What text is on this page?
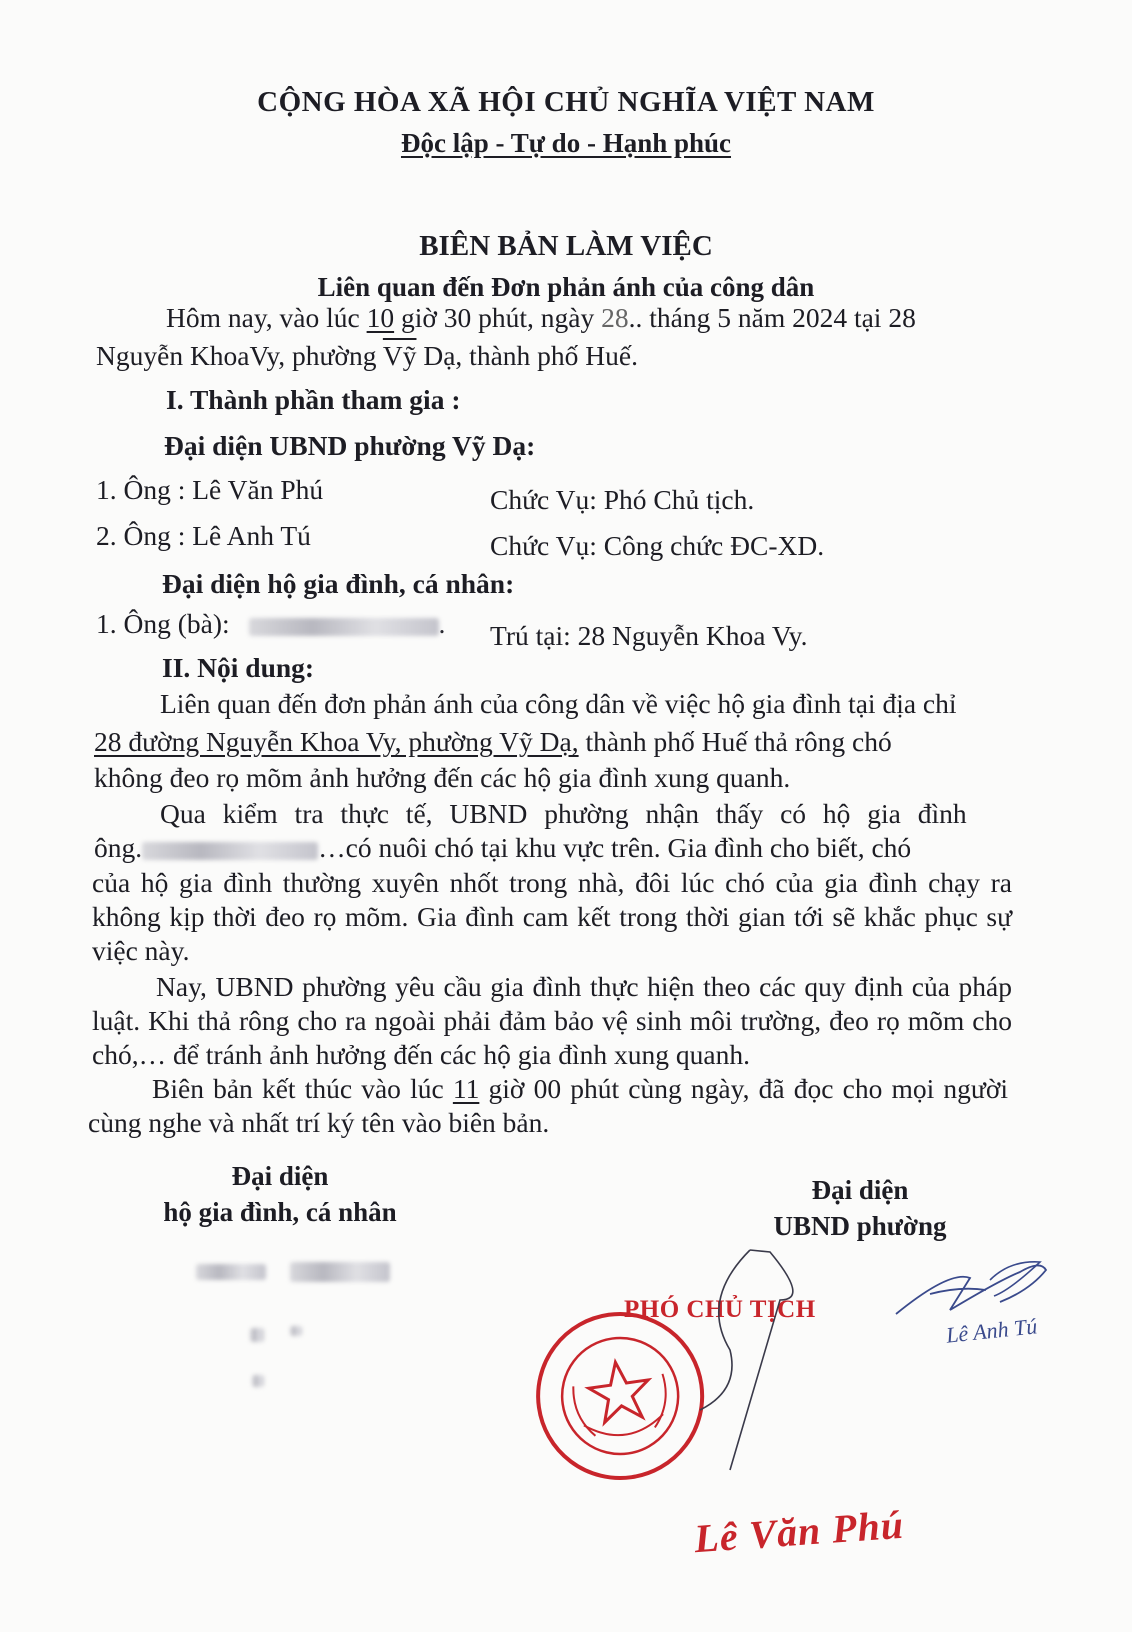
CỘNG HÒA XÃ HỘI CHỦ NGHĨA VIỆT NAM
Độc lập - Tự do - Hạnh phúc
BIÊN BẢN LÀM VIỆC
Liên quan đến Đơn phản ánh của công dân
Hôm nay, vào lúc 10 giờ 30 phút, ngày 28.. tháng 5 năm 2024 tại 28
Nguyễn KhoaVy, phường $\overline{Vỹ}$ Dạ, thành phố Huế.
I. Thành phần tham gia :
Đại diện UBND phường Vỹ Dạ:
1. Ông : Lê Văn Phú	Chức Vụ: Phó Chủ tịch.
2. Ông : Lê Anh Tú	Chức Vụ: Công chức ĐC-XD.
Đại diện hộ gia đình, cá nhân:
1. Ông (bà):	. Trú tại: 28 Nguyễn Khoa Vy.
II. Nội dung:
Liên quan đến đơn phản ánh của công dân về việc hộ gia đình tại địa chỉ
28 đường Nguyễn Khoa Vy, phường Vỹ Dạ, thành phố Huế thả rông chó
không đeo rọ mõm ảnh hưởng đến các hộ gia đình xung quanh.
Qua kiểm tra thực tế, UBND phường nhận thấy có hộ gia đình
ông.	…có nuôi chó tại khu vực trên. Gia đình cho biết, chó
của hộ gia đình thường xuyên nhốt trong nhà, đôi lúc chó của gia đình chạy ra không kịp thời đeo rọ mõm. Gia đình cam kết trong thời gian tới sẽ khắc phục sự việc này.
Nay, UBND phường yêu cầu gia đình thực hiện theo các quy định của pháp luật. Khi thả rông cho ra ngoài phải đảm bảo vệ sinh môi trường, đeo rọ mõm cho chó,… để tránh ảnh hưởng đến các hộ gia đình xung quanh.
Biên bản kết thúc vào lúc 11 giờ 00 phút cùng ngày, đã đọc cho mọi người cùng nghe và nhất trí ký tên vào biên bản.
Đại diện
hộ gia đình, cá nhân
Đại diện
UBND phường

PHÓ CHỦ TỊCH
Lê Anh Tú
Lê Văn Phú
